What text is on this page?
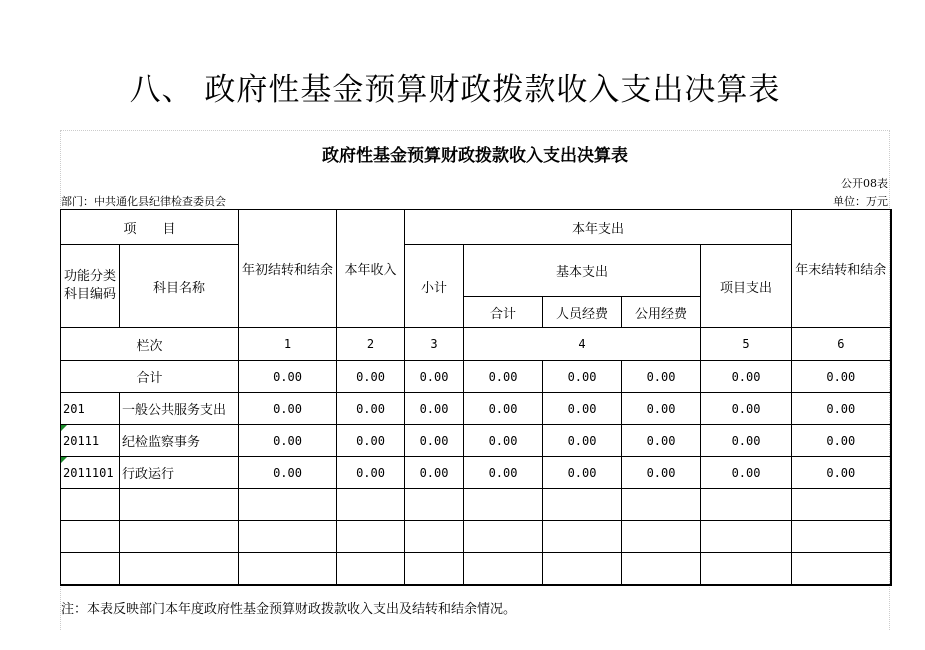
八、 政府性基金预算财政拨款收入支出决算表
政府性基金预算财政拨款收入支出决算表
公开08表
部门：中共通化县纪律检查委员会	单位：万元
项　　目		年初结转和结余	本年收入	本年支出					年末结转和结余
功能分类科目编码	科目名称			小计	基本支出			项目支出	
					合计	人员经费	公用经费		
栏次		1	2	3	4			5	6
合计		0.00	0.00	0.00	0.00	0.00	0.00	0.00	0.00
201	一般公共服务支出	0.00	0.00	0.00	0.00	0.00	0.00	0.00	0.00
20111	纪检监察事务	0.00	0.00	0.00	0.00	0.00	0.00	0.00	0.00
2011101	行政运行	0.00	0.00	0.00	0.00	0.00	0.00	0.00	0.00

注：本表反映部门本年度政府性基金预算财政拨款收入支出及结转和结余情况。
